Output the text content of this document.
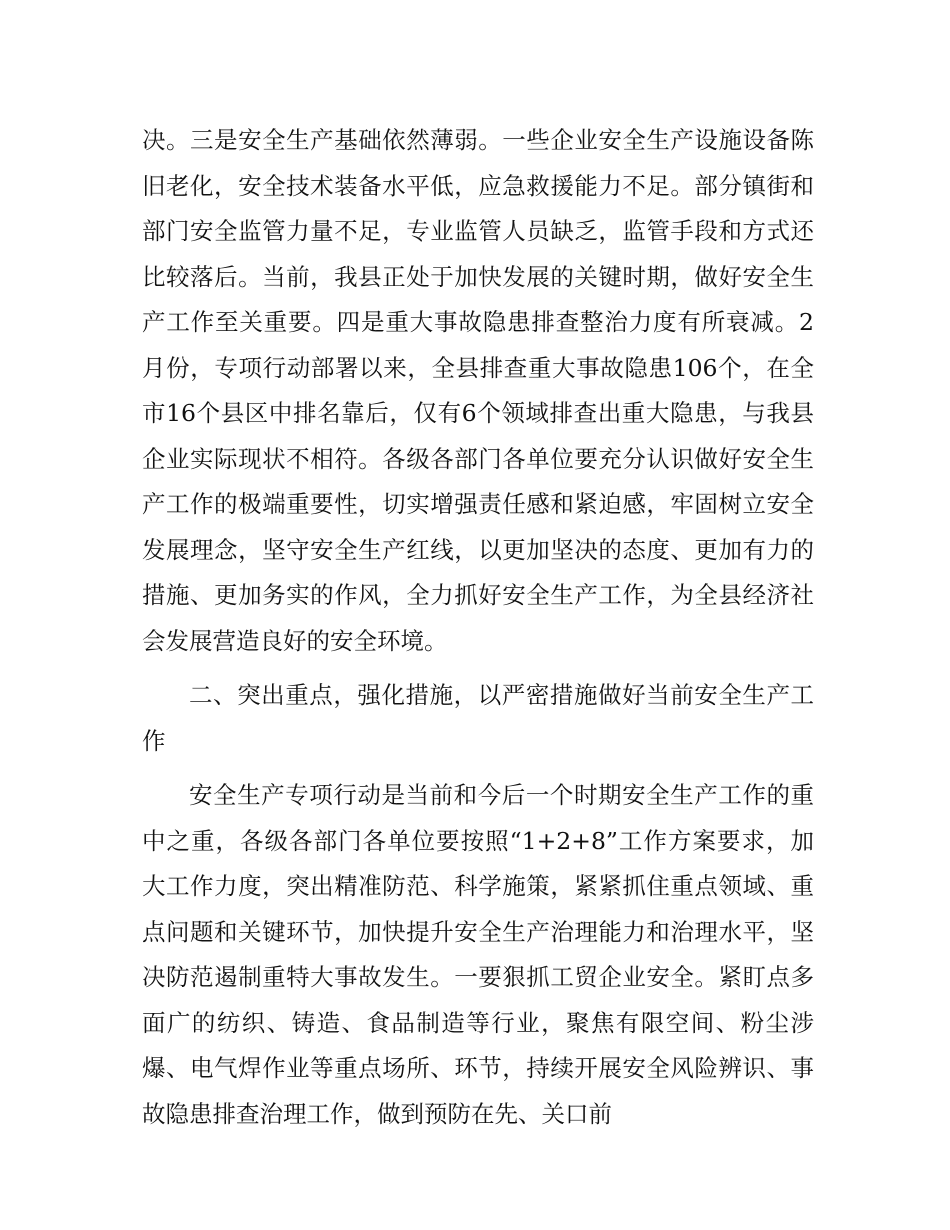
决。三是安全生产基础依然薄弱。一些企业安全生产设施设备陈旧老化，安全技术装备水平低，应急救援能力不足。部分镇街和部门安全监管力量不足，专业监管人员缺乏，监管手段和方式还比较落后。当前，我县正处于加快发展的关键时期，做好安全生产工作至关重要。四是重大事故隐患排查整治力度有所衰减。2月份，专项行动部署以来，全县排查重大事故隐患106个，在全市16个县区中排名靠后，仅有6个领域排查出重大隐患，与我县企业实际现状不相符。各级各部门各单位要充分认识做好安全生产工作的极端重要性，切实增强责任感和紧迫感，牢固树立安全发展理念，坚守安全生产红线，以更加坚决的态度、更加有力的措施、更加务实的作风，全力抓好安全生产工作，为全县经济社会发展营造良好的安全环境。

二、突出重点，强化措施，以严密措施做好当前安全生产工作

安全生产专项行动是当前和今后一个时期安全生产工作的重中之重，各级各部门各单位要按照“1+2+8”工作方案要求，加大工作力度，突出精准防范、科学施策，紧紧抓住重点领域、重点问题和关键环节，加快提升安全生产治理能力和治理水平，坚决防范遏制重特大事故发生。一要狠抓工贸企业安全。紧盯点多面广的纺织、铸造、食品制造等行业，聚焦有限空间、粉尘涉爆、电气焊作业等重点场所、环节，持续开展安全风险辨识、事故隐患排查治理工作，做到预防在先、关口前
